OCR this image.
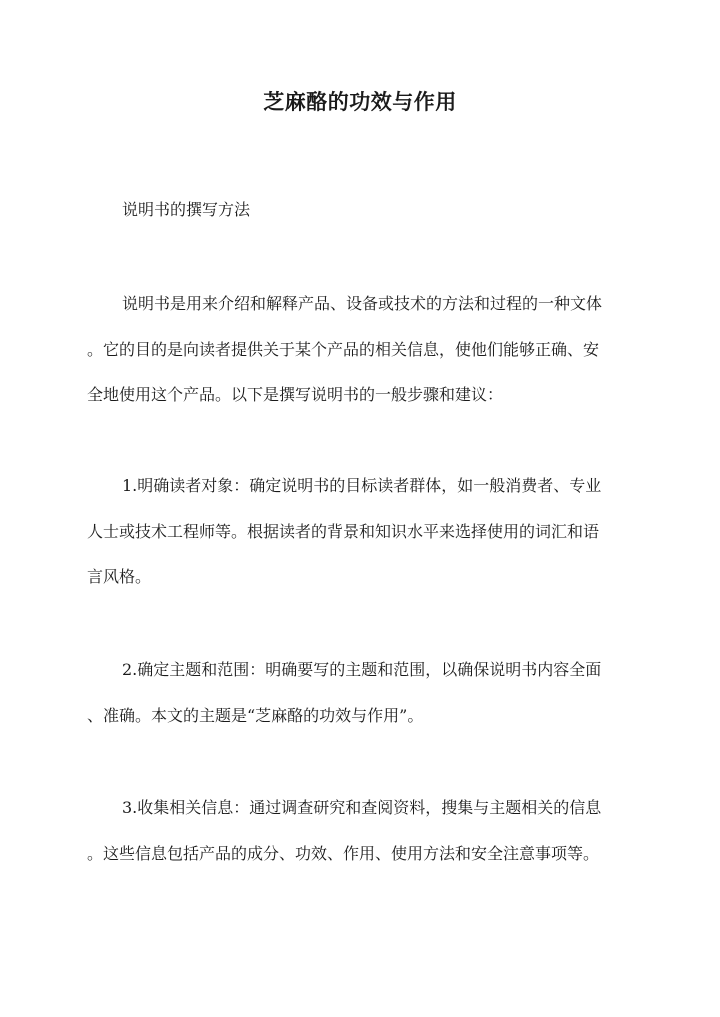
芝麻酪的功效与作用
说明书的撰写方法
说明书是用来介绍和解释产品、设备或技术的方法和过程的一种文体
。它的目的是向读者提供关于某个产品的相关信息，使他们能够正确、安
全地使用这个产品。以下是撰写说明书的一般步骤和建议：
1.明确读者对象：确定说明书的目标读者群体，如一般消费者、专业
人士或技术工程师等。根据读者的背景和知识水平来选择使用的词汇和语
言风格。
2.确定主题和范围：明确要写的主题和范围，以确保说明书内容全面
、准确。本文的主题是“芝麻酪的功效与作用”。
3.收集相关信息：通过调查研究和查阅资料，搜集与主题相关的信息
。这些信息包括产品的成分、功效、作用、使用方法和安全注意事项等。
